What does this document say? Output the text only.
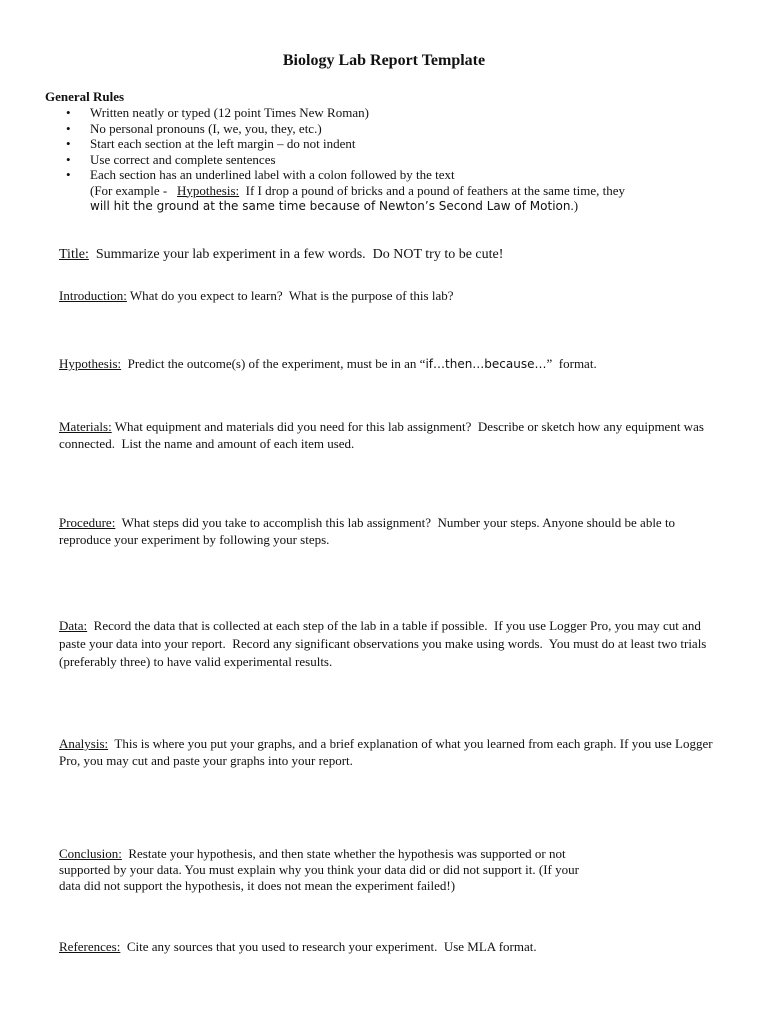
Biology Lab Report Template
General Rules
• Written neatly or typed (12 point Times New Roman)
• No personal pronouns (I, we, you, they, etc.)
• Start each section at the left margin – do not indent
• Use correct and complete sentences
• Each section has an underlined label with a colon followed by the text
(For example -   Hypothesis:  If I drop a pound of bricks and a pound of feathers at the same time, they
will hit the ground at the same time because of Newton’s Second Law of Motion.)

Title:  Summarize your lab experiment in a few words.  Do NOT try to be cute!

Introduction: What do you expect to learn?  What is the purpose of this lab?

Hypothesis:  Predict the outcome(s) of the experiment, must be in an “if…then…because…”  format.

Materials: What equipment and materials did you need for this lab assignment?  Describe or sketch how any equipment was connected.  List the name and amount of each item used.

Procedure:  What steps did you take to accomplish this lab assignment?  Number your steps. Anyone should be able to reproduce your experiment by following your steps.

Data:  Record the data that is collected at each step of the lab in a table if possible.  If you use Logger Pro, you may cut and paste your data into your report.  Record any significant observations you make using words.  You must do at least two trials (preferably three) to have valid experimental results.

Analysis:  This is where you put your graphs, and a brief explanation of what you learned from each graph. If you use Logger Pro, you may cut and paste your graphs into your report.

Conclusion:  Restate your hypothesis, and then state whether the hypothesis was supported or not
supported by your data. You must explain why you think your data did or did not support it. (If your
data did not support the hypothesis, it does not mean the experiment failed!)

References:  Cite any sources that you used to research your experiment.  Use MLA format.
